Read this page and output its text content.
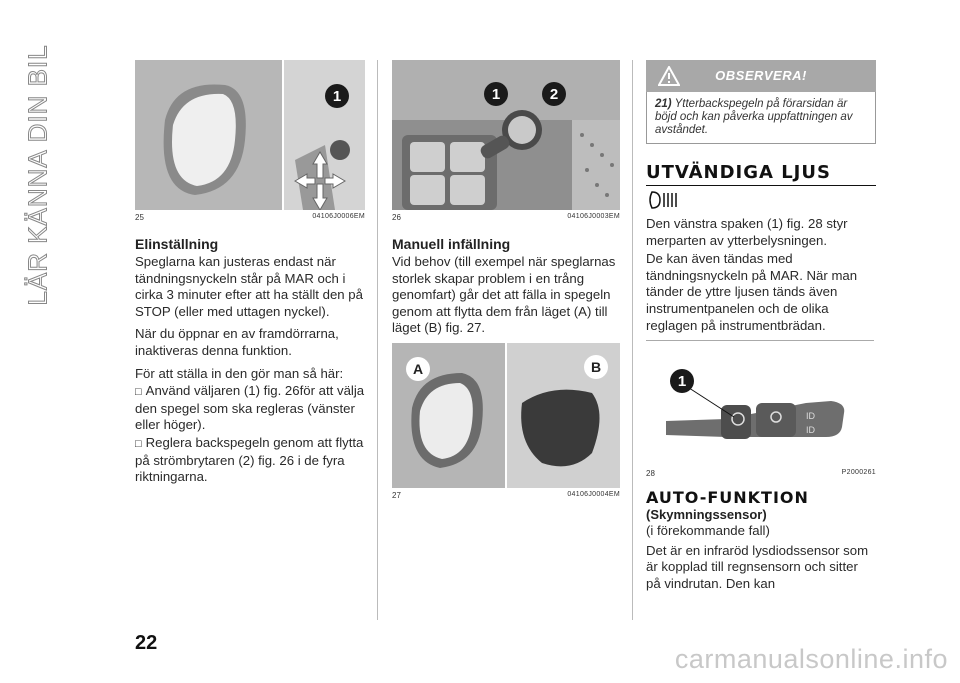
LÄR KÄNNA DIN BIL	1
25	04106J0006EM
Elinställning

Speglarna kan justeras endast när tändningsnyckeln står på MAR och i cirka 3 minuter efter att ha ställt den på STOP (eller med uttagen nyckel).

När du öppnar en av framdörrarna, inaktiveras denna funktion.

För att ställa in den gör man så här:

□ Använd väljaren (1) fig. 26för att välja den spegel som ska regleras (vänster eller höger).

□ Reglera backspegeln genom att flytta på strömbrytaren (2) fig. 26 i de fyra riktningarna.

1	2
26	04106J0003EM
Manuell infällning

Vid behov (till exempel när speglarnas storlek skapar problem i en trång genomfart) går det att fälla in spegeln genom att flytta dem från läget (A) till läget (B) fig. 27.

A	B
27	04106J0004EM
OBSERVERA!
21) Ytterbackspegeln på förarsidan är böjd och kan påverka uppfattningen av avståndet.
UTVÄNDIGA LJUS

Den vänstra spaken (1) fig. 28 styr merparten av ytterbelysningen.

De kan även tändas med tändningsnyckeln på MAR. När man tänder de yttre ljusen tänds även instrumentpanelen och de olika reglagen på instrumentbrädan.

ID
ID
1
28	P2000261
AUTO-FUNKTION
(Skymningssensor)

(i förekommande fall)

Det är en infraröd lysdiodssensor som är kopplad till regnsensorn och sitter på vindrutan. Den kan

22
carmanualsonline.info
